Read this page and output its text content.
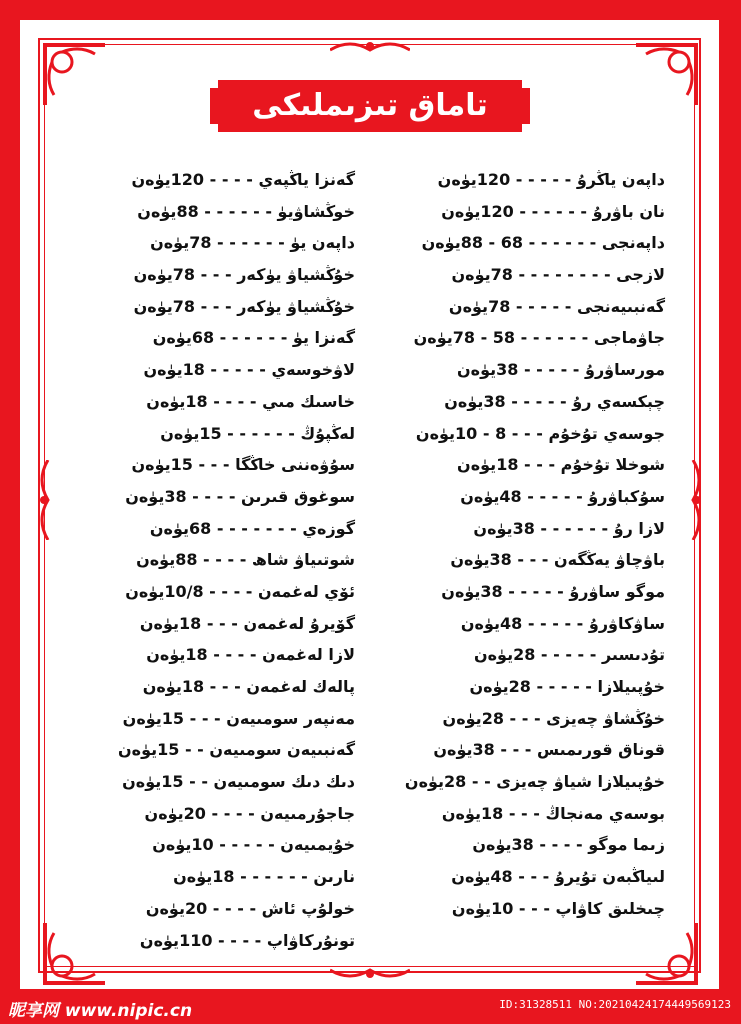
تاماق تىزىملىكى
داپەن ياڭرۇ - - - - - 120يۈەن
نان باۋرۇ - - - - - - 120يۈەن
داپەنجى - - - - - - 68 - 88يۈەن
لازجى - - - - - - - - 78يۈەن
گەنبىيەنجى - - - - - 78يۈەن
جاۋماجى - - - - - - 58 - 78يۈەن
مورساۋرۇ - - - - - 38يۈەن
چېكسەي رۇ - - - - - 38يۈەن
جوسەي تۇخۇم - - - 8 - 10يۈەن
شوخلا تۇخۇم - - - 18يۈەن
سۇكباۋرۇ - - - - - 48يۈەن
لازا رۇ - - - - - - 38يۈەن
باۋچاۋ يەڭگەن - - - 38يۈەن
موگو ساۋرۇ - - - - - 38يۈەن
ساۋكاۋرۇ - - - - - 48يۈەن
تۇدىسىر - - - - - 28يۈەن
خۇپىيلازا - - - - - 28يۈەن
خۇڭشاۋ چەيزى - - - 28يۈەن
قوناق قورىمىس - - - 38يۈەن
خۇپىيلازا شياۋ چەيزى - - 28يۈەن
بوسەي مەنجاڭ - - - 18يۈەن
زىما موگو - - - - 38يۈەن
لىياڭبەن تۇيرۇ - - - 48يۈەن
چىخلىق كاۋاپ - - - 10يۈەن
گەنزا ياڭپەي - - - - 120يۈەن
خوڭشاۋيۈ - - - - - - 88يۈەن
داپەن يۈ - - - - - - 78يۈەن
خۇڭشياۋ يۈكەر - - - 78يۈەن
خۇڭشياۋ يۈكەر - - - 78يۈەن
گەنزا يۈ - - - - - - 68يۈەن
لاۋخوسەي - - - - - 18يۈەن
خاسىك مىي - - - - 18يۈەن
لەڭپۇڭ - - - - - - 15يۈەن
سۇۋەننى خاڭگا - - - 15يۈەن
سوغوق قىرىن - - - - 38يۈەن
گوزەي - - - - - - - 68يۈەن
شوتىياۋ شاھ - - - - 88يۈەن
ئۆي لەغمەن - - - - 10/8يۈەن
گۆيرۇ لەغمەن - - - 18يۈەن
لازا لەغمەن - - - - 18يۈەن
پالەك لەغمەن - - - 18يۈەن
مەنپەر سومىيەن - - - 15يۈەن
گەنبىيەن سومىيەن - - 15يۈەن
دىك دىك سومىيەن - - 15يۈەن
جاجۇرمىيەن - - - - 20يۈەن
خۇيمىيەن - - - - - 10يۈەن
نارىن - - - - - - 18يۈەن
خولۇپ ئاش - - - - 20يۈەن
تونۇركاۋاپ - - - - 110يۈەن
昵享网 www.nipic.cn	ID:31328511 NO:20210424174449569123
